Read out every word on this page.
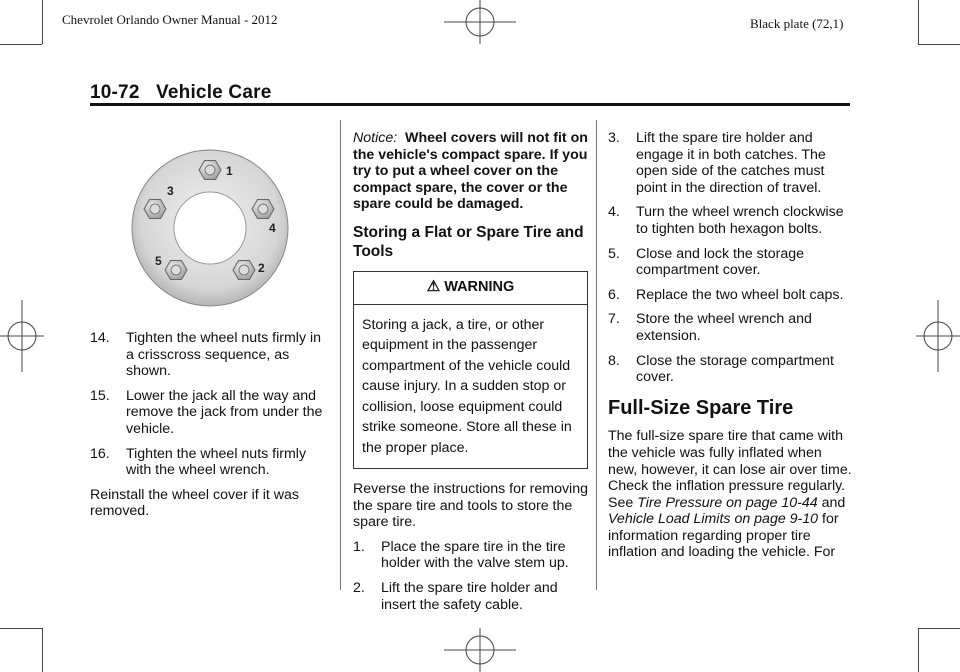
Chevrolet Orlando Owner Manual - 2012	Black plate (72,1)
10-72 Vehicle Care
1
2
3
4
5
14. Tighten the wheel nuts firmly in a crisscross sequence, as shown.
15. Lower the jack all the way and remove the jack from under the vehicle.
16. Tighten the wheel nuts firmly with the wheel wrench.

Reinstall the wheel cover if it was removed.

Notice: Wheel covers will not fit on the vehicle's compact spare. If you try to put a wheel cover on the compact spare, the cover or the spare could be damaged.

Storing a Flat or Spare Tire and Tools
⚠ WARNING
Storing a jack, a tire, or other equipment in the passenger compartment of the vehicle could cause injury. In a sudden stop or collision, loose equipment could strike someone. Store all these in the proper place.

Reverse the instructions for removing the spare tire and tools to store the spare tire.

1. Place the spare tire in the tire holder with the valve stem up.
2. Lift the spare tire holder and insert the safety cable.
3. Lift the spare tire holder and engage it in both catches. The open side of the catches must point in the direction of travel.
4. Turn the wheel wrench clockwise to tighten both hexagon bolts.
5. Close and lock the storage compartment cover.
6. Replace the two wheel bolt caps.
7. Store the wheel wrench and extension.
8. Close the storage compartment cover.
Full-Size Spare Tire

The full-size spare tire that came with the vehicle was fully inflated when new, however, it can lose air over time. Check the inflation pressure regularly. See Tire Pressure on page 10-44 and Vehicle Load Limits on page 9-10 for information regarding proper tire inflation and loading the vehicle. For
